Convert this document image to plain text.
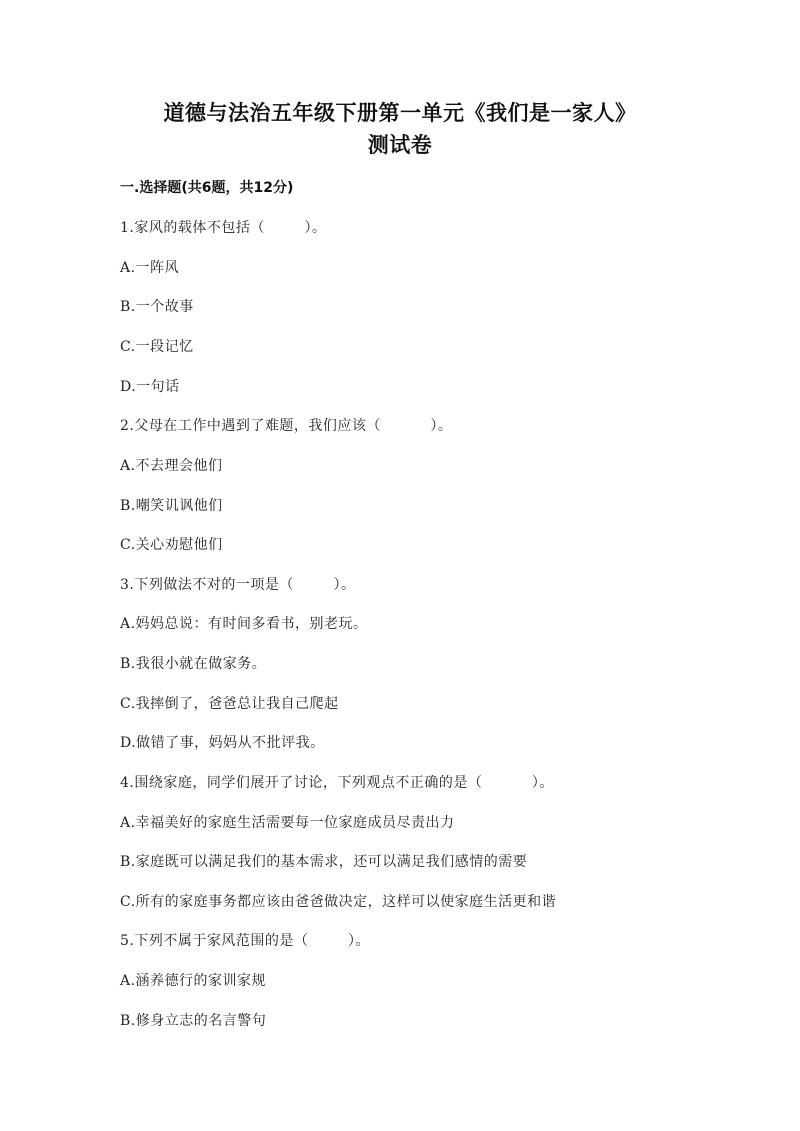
道德与法治五年级下册第一单元《我们是一家人》
测试卷
一.选择题(共6题，共12分)
1.家风的载体不包括（        ）。
A.一阵风
B.一个故事
C.一段记忆
D.一句话
2.父母在工作中遇到了难题，我们应该（          ）。
A.不去理会他们
B.嘲笑讥讽他们
C.关心劝慰他们
3.下列做法不对的一项是（        ）。
A.妈妈总说：有时间多看书，别老玩。
B.我很小就在做家务。
C.我摔倒了，爸爸总让我自己爬起
D.做错了事，妈妈从不批评我。
4.围绕家庭，同学们展开了讨论，下列观点不正确的是（          ）。
A.幸福美好的家庭生活需要每一位家庭成员尽责出力
B.家庭既可以满足我们的基本需求，还可以满足我们感情的需要
C.所有的家庭事务都应该由爸爸做决定，这样可以使家庭生活更和谐
5.下列不属于家风范围的是（        ）。
A.涵养德行的家训家规
B.修身立志的名言警句
